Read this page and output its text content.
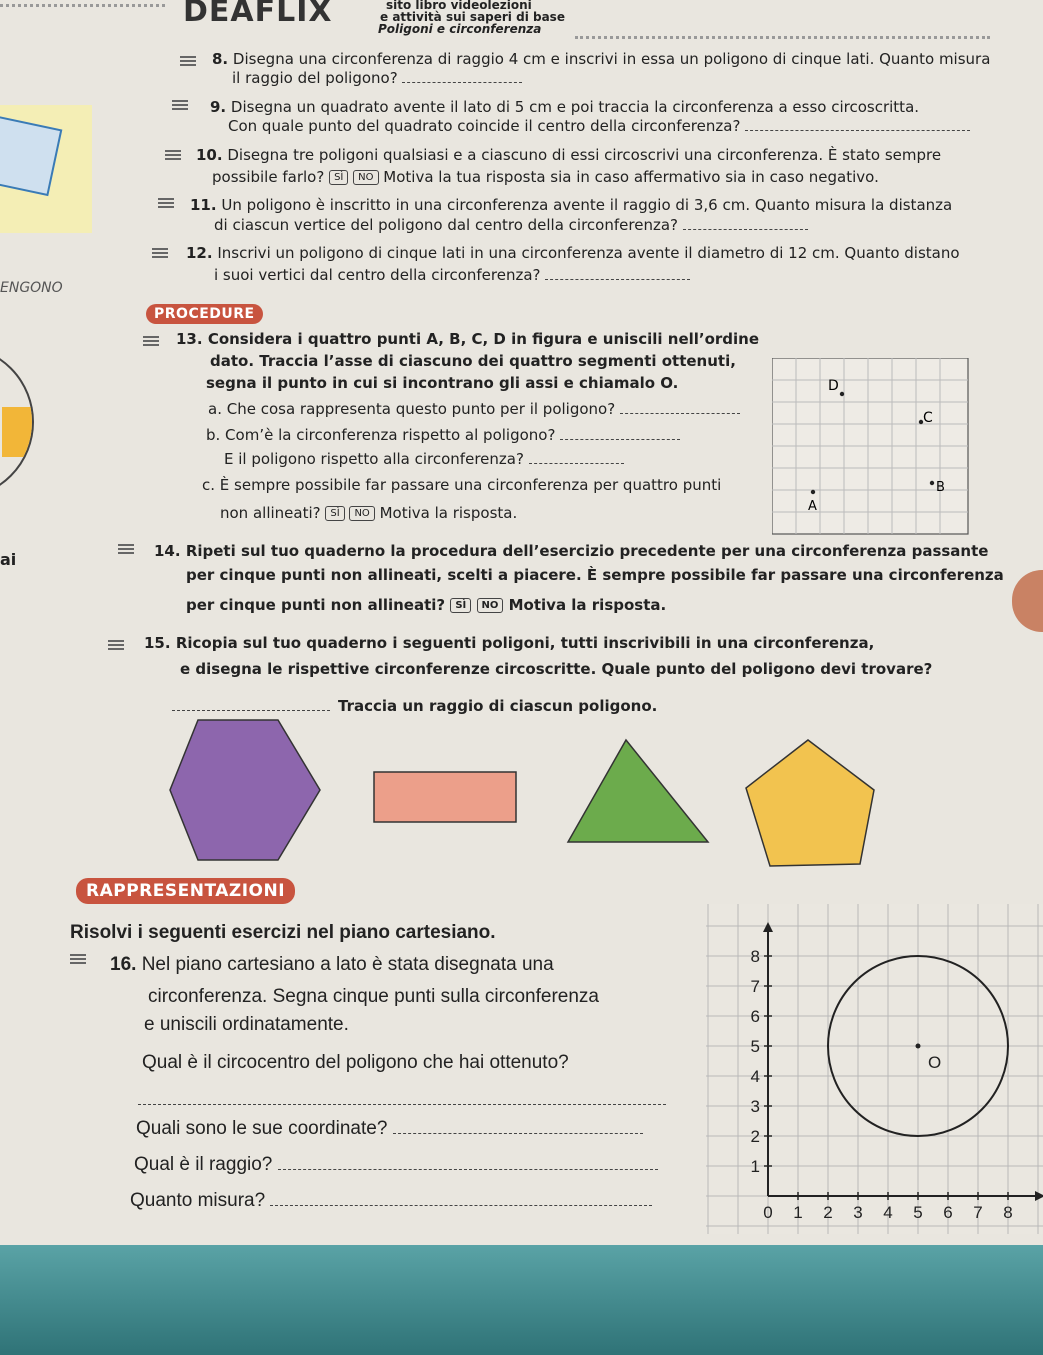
DEAFLIX	sito libro videolezioni
e attività sui saperi di base
Poligoni e circonferenza
ENGONO
ai
8. Disegna una circonferenza di raggio 4 cm e inscrivi in essa un poligono di cinque lati. Quanto misura
il raggio del poligono?
9. Disegna un quadrato avente il lato di 5 cm e poi traccia la circonferenza a esso circoscritta.
Con quale punto del quadrato coincide il centro della circonferenza?
10. Disegna tre poligoni qualsiasi e a ciascuno di essi circoscrivi una circonferenza. È stato sempre
possibile farlo? SÌ NO Motiva la tua risposta sia in caso affermativo sia in caso negativo.
11. Un poligono è inscritto in una circonferenza avente il raggio di 3,6 cm. Quanto misura la distanza
di ciascun vertice del poligono dal centro della circonferenza?
12. Inscrivi un poligono di cinque lati in una circonferenza avente il diametro di 12 cm. Quanto distano
i suoi vertici dal centro della circonferenza?
PROCEDURE
13. Considera i quattro punti A, B, C, D in figura e uniscili nell’ordine
dato. Traccia l’asse di ciascuno dei quattro segmenti ottenuti,
segna il punto in cui si incontrano gli assi e chiamalo O.
a. Che cosa rappresenta questo punto per il poligono?
b. Com’è la circonferenza rispetto al poligono?
E il poligono rispetto alla circonferenza?
c. È sempre possibile far passare una circonferenza per quattro punti
non allineati? SÌ NO Motiva la risposta.
D
C
B
A
14. Ripeti sul tuo quaderno la procedura dell’esercizio precedente per una circonferenza passante
per cinque punti non allineati, scelti a piacere. È sempre possibile far passare una circonferenza
per cinque punti non allineati? SÌ NO Motiva la risposta.
15. Ricopia sul tuo quaderno i seguenti poligoni, tutti inscrivibili in una circonferenza,
e disegna le rispettive circonferenze circoscritte. Quale punto del poligono devi trovare?
Traccia un raggio di ciascun poligono.
RAPPRESENTAZIONI
Risolvi i seguenti esercizi nel piano cartesiano.
16. Nel piano cartesiano a lato è stata disegnata una
circonferenza. Segna cinque punti sulla circonferenza
e uniscili ordinatamente.
Qual è il circocentro del poligono che hai ottenuto?
Quali sono le sue coordinate?
Qual è il raggio?
Quanto misura?
0 1 2 3 4 5 6 7 8
8
7
6
5
4
3
2
1
O
